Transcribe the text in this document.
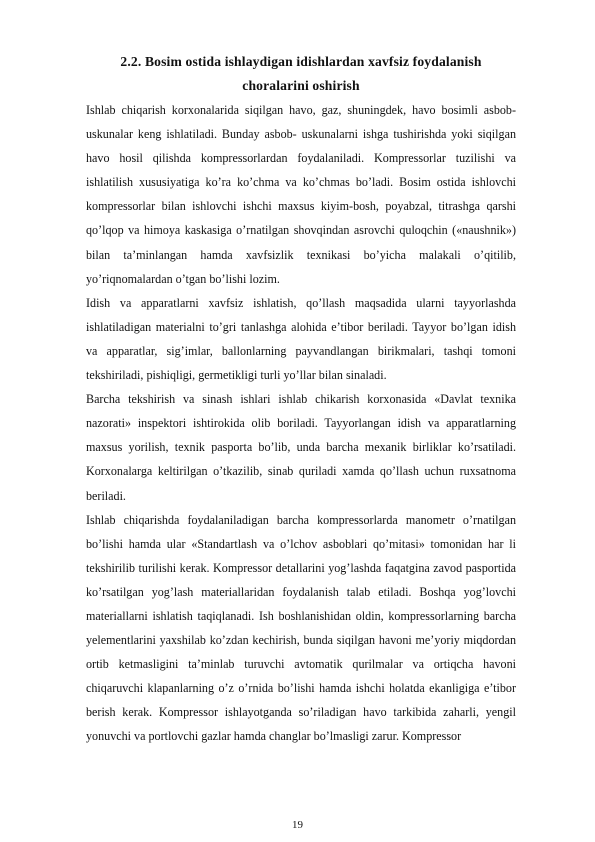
2.2. Bosim ostida ishlaydigan idishlardan xavfsiz foydalanish choralarini oshirish

Ishlab chiqarish korxonalarida siqilgan havo, gaz, shuningdek, havo bosimli asbob-uskunalar keng ishlatiladi. Bunday asbob- uskunalarni ishga tushirishda yoki siqilgan havo hosil qilishda kompressorlardan foydalaniladi. Kompressorlar tuzilishi va ishlatilish xususiyatiga ko’ra ko’chma va ko’chmas bo’ladi. Bosim ostida ishlovchi kompressorlar bilan ishlovchi ishchi maxsus kiyim-bosh, poyabzal, titrashga qarshi qo’lqop va himoya kaskasiga o’rnatilgan shovqindan asrovchi quloqchin («naushnik») bilan ta’minlangan hamda xavfsizlik texnikasi bo’yicha malakali o’qitilib, yo’riqnomalardan o’tgan bo’lishi lozim.

Idish va apparatlarni xavfsiz ishlatish, qo’llash maqsadida ularni tayyorlashda ishlatiladigan materialni to’gri tanlashga alohida e’tibor beriladi. Tayyor bo’lgan idish va apparatlar, sig’imlar, ballonlarning payvandlangan birikmalari, tashqi tomoni tekshiriladi, pishiqligi, germetikligi turli yo’llar bilan sinaladi.

Barcha tekshirish va sinash ishlari ishlab chikarish korxonasida «Davlat texnika nazorati» inspektori ishtirokida olib boriladi. Tayyorlangan idish va apparatlarning maxsus yorilish, texnik pasporta bo’lib, unda barcha mexanik birliklar ko’rsatiladi. Korxonalarga keltirilgan o’tkazilib, sinab quriladi xamda qo’llash uchun ruxsatnoma beriladi.

Ishlab chiqarishda foydalaniladigan barcha kompressorlarda manometr o’rnatilgan bo’lishi hamda ular «Standartlash va o’lchov asboblari qo’mitasi» tomonidan har li tekshirilib turilishi kerak. Kompressor detallarini yog’lashda faqatgina zavod pasportida ko’rsatilgan yog’lash materiallaridan foydalanish talab etiladi. Boshqa yog’lovchi materiallarni ishlatish taqiqlanadi. Ish boshlanishidan oldin, kompressorlarning barcha yelementlarini yaxshilab ko’zdan kechirish, bunda siqilgan havoni me’yoriy miqdordan ortib ketmasligini ta’minlab turuvchi avtomatik qurilmalar va ortiqcha havoni chiqaruvchi klapanlarning o’z o’rnida bo’lishi hamda ishchi holatda ekanligiga e’tibor berish kerak. Kompressor ishlayotganda so’riladigan havo tarkibida zaharli, yengil yonuvchi va portlovchi gazlar hamda changlar bo’lmasligi zarur. Kompressor

19
